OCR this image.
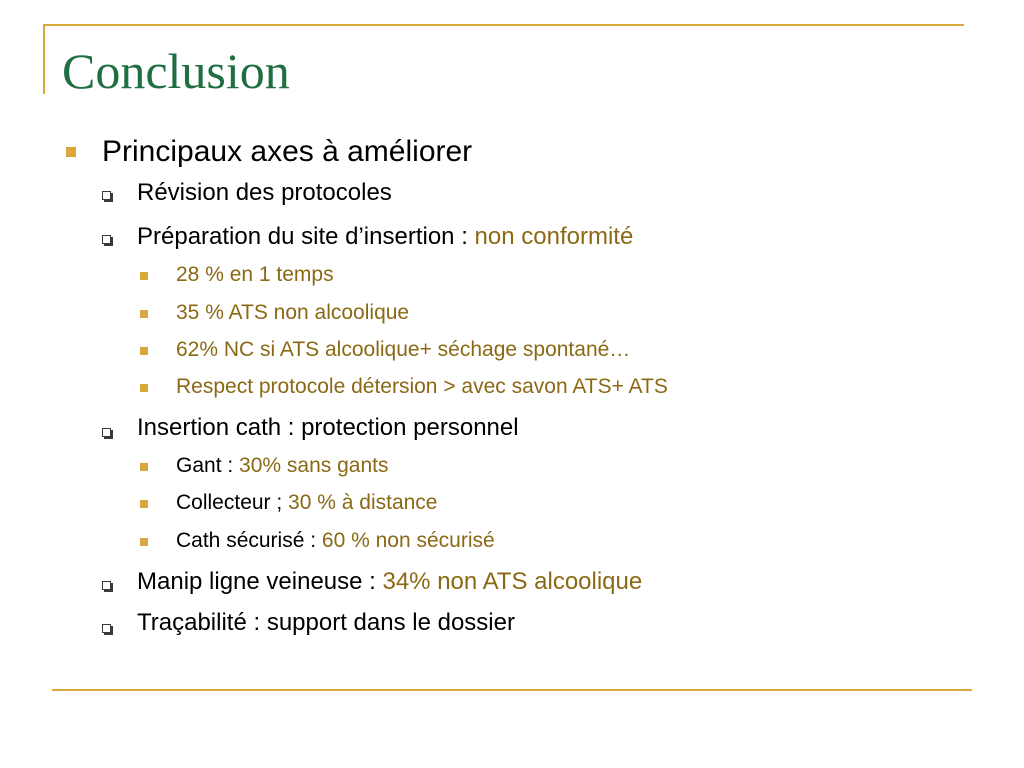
Conclusion
Principaux axes à améliorer
Révision des protocoles
Préparation du site d’insertion : non conformité
28 % en 1 temps
35 % ATS non alcoolique
62% NC si ATS alcoolique+ séchage spontané…
Respect protocole détersion > avec savon ATS+ ATS
Insertion cath : protection personnel
Gant : 30% sans gants
Collecteur ; 30 % à distance
Cath sécurisé : 60 % non sécurisé
Manip ligne veineuse : 34% non ATS alcoolique
Traçabilité : support dans le dossier
